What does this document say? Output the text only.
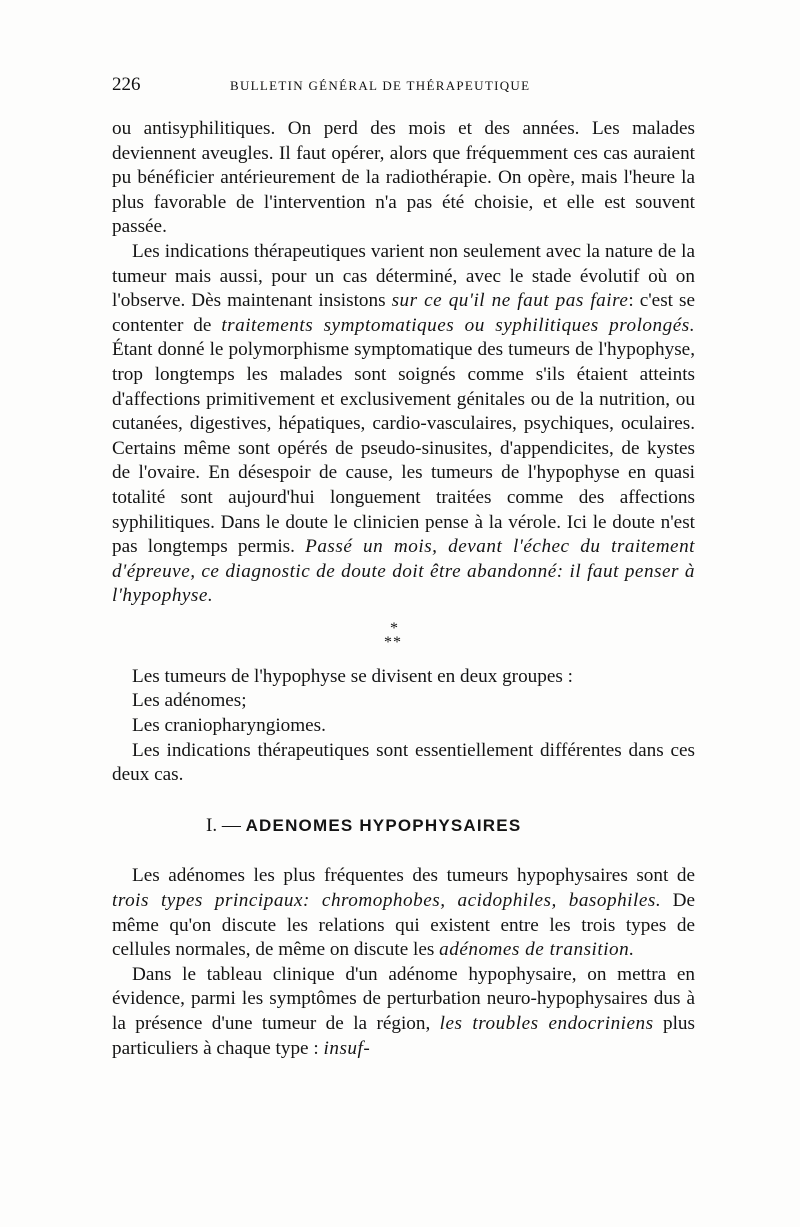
226	BULLETIN GÉNÉRAL DE THÉRAPEUTIQUE

ou antisyphilitiques. On perd des mois et des années. Les malades deviennent aveugles. Il faut opérer, alors que fréquemment ces cas auraient pu bénéficier antérieurement de la radiothérapie. On opère, mais l'heure la plus favorable de l'intervention n'a pas été choisie, et elle est souvent passée.

Les indications thérapeutiques varient non seulement avec la nature de la tumeur mais aussi, pour un cas déterminé, avec le stade évolutif où on l'observe. Dès maintenant insistons sur ce qu'il ne faut pas faire: c'est se contenter de traitements symptomatiques ou syphilitiques prolongés. Étant donné le polymorphisme symptomatique des tumeurs de l'hypophyse, trop longtemps les malades sont soignés comme s'ils étaient atteints d'affections primitivement et exclusivement génitales ou de la nutrition, ou cutanées, digestives, hépatiques, cardio-vasculaires, psychiques, oculaires. Certains même sont opérés de pseudo-sinusites, d'appendicites, de kystes de l'ovaire. En désespoir de cause, les tumeurs de l'hypophyse en quasi totalité sont aujourd'hui longuement traitées comme des affections syphilitiques. Dans le doute le clinicien pense à la vérole. Ici le doute n'est pas longtemps permis. Passé un mois, devant l'échec du traitement d'épreuve, ce diagnostic de doute doit être abandonné: il faut penser à l'hypophyse.

*
**

Les tumeurs de l'hypophyse se divisent en deux groupes :

Les adénomes;

Les craniopharyngiomes.

Les indications thérapeutiques sont essentiellement différentes dans ces deux cas.

I. — ADENOMES HYPOPHYSAIRES

Les adénomes les plus fréquentes des tumeurs hypophysaires sont de trois types principaux: chromophobes, acidophiles, basophiles. De même qu'on discute les relations qui existent entre les trois types de cellules normales, de même on discute les adénomes de transition.

Dans le tableau clinique d'un adénome hypophysaire, on mettra en évidence, parmi les symptômes de perturbation neuro-hypophysaires dus à la présence d'une tumeur de la région, les troubles endocriniens plus particuliers à chaque type : insuf-
